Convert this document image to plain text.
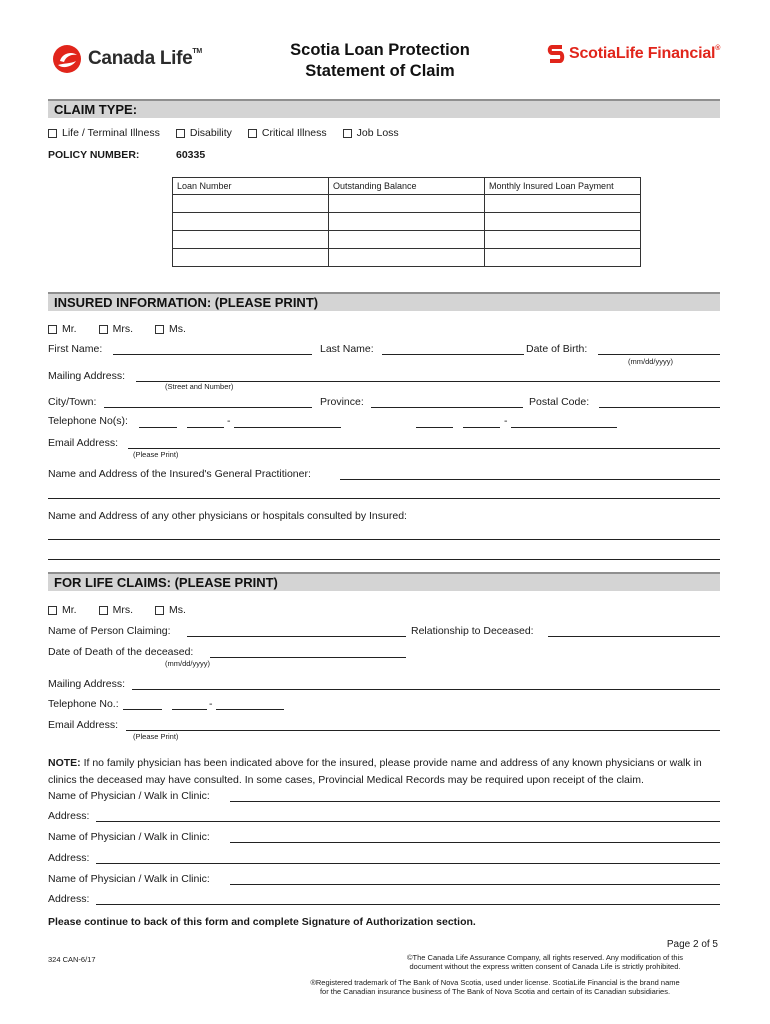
Canada Life™	Scotia Loan Protection
Statement of Claim
ScotiaLife Financial®
CLAIM TYPE:
Life / Terminal Illness	Disability	Critical Illness	Job Loss
POLICY NUMBER:	60335
Loan Number	Outstanding Balance	Monthly Insured Loan Payment

INSURED INFORMATION: (PLEASE PRINT)
Mr.	Mrs.	Ms.
First Name:	Last Name:	Date of Birth:
(mm/dd/yyyy)
Mailing Address:
(Street and Number)
City/Town:	Province:	Postal Code:
Telephone No(s):	-	-
Email Address:
(Please Print)
Name and Address of the Insured's General Practitioner:
Name and Address of any other physicians or hospitals consulted by Insured:
FOR LIFE CLAIMS: (PLEASE PRINT)
Mr.	Mrs.	Ms.
Name of Person Claiming:	Relationship to Deceased:
Date of Death of the deceased:
(mm/dd/yyyy)
Mailing Address:
Telephone No.:	-
Email Address:
(Please Print)
NOTE: If no family physician has been indicated above for the insured, please provide name and address of any known physicians or walk in clinics the deceased may have consulted. In some cases, Provincial Medical Records may be required upon receipt of the claim.
Name of Physician / Walk in Clinic:
Address:
Name of Physician / Walk in Clinic:
Address:
Name of Physician / Walk in Clinic:
Address:
Please continue to back of this form and complete Signature of Authorization section.
Page 2 of 5
324 CAN-6/17	©The Canada Life Assurance Company, all rights reserved. Any modification of this
document without the express written consent of Canada Life is strictly prohibited.
®Registered trademark of The Bank of Nova Scotia, used under license. ScotiaLife Financial is the brand name
for the Canadian insurance business of The Bank of Nova Scotia and certain of its Canadian subsidiaries.
